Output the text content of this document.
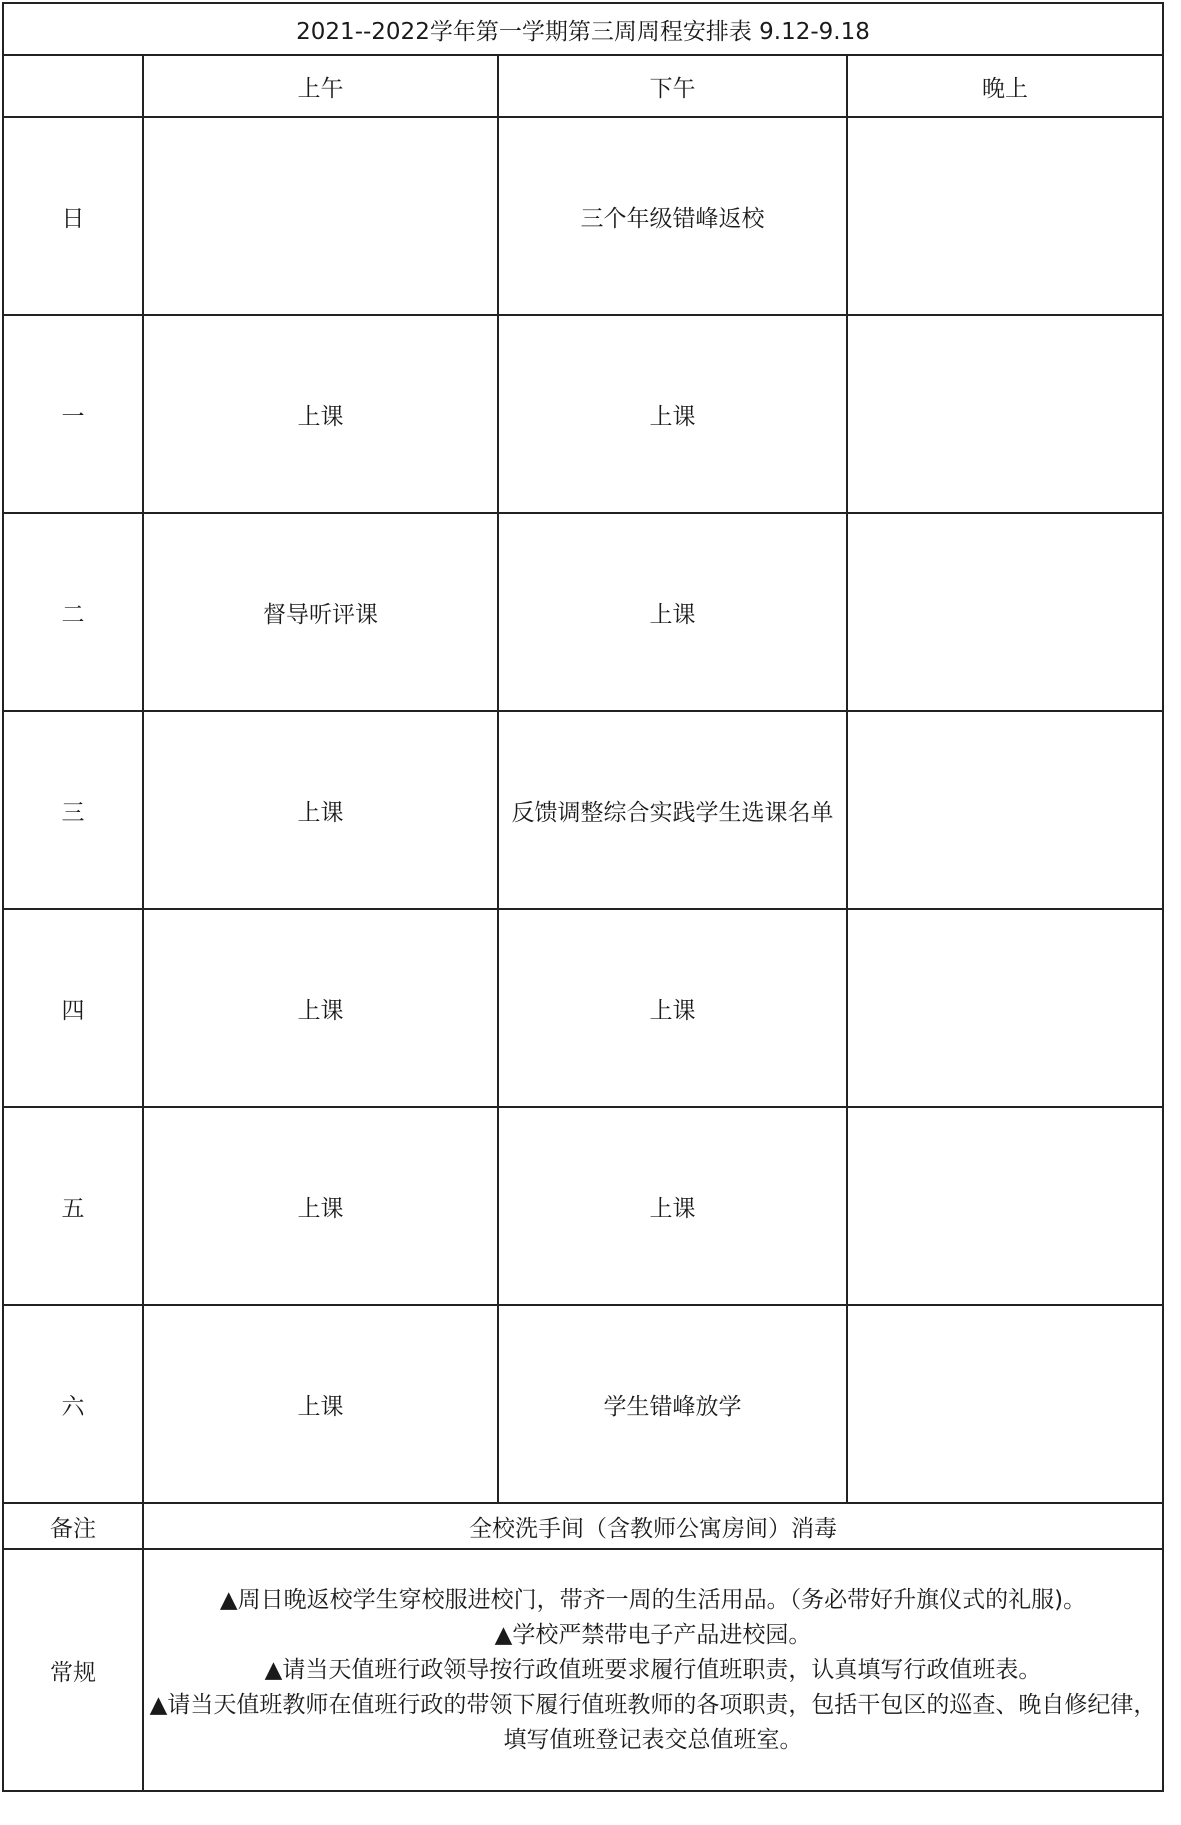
2021--2022学年第一学期第三周周程安排表 9.12-9.18			
	上午	下午	晚上
日		三个年级错峰返校	
一	上课	上课	
二	督导听评课	上课	
三	上课	反馈调整综合实践学生选课名单	
四	上课	上课	
五	上课	上课	
六	上课	学生错峰放学	
备注	全校洗手间（含教师公寓房间）消毒		
常规	▲周日晚返校学生穿校服进校门，带齐一周的生活用品。（务必带好升旗仪式的礼服)。
▲学校严禁带电子产品进校园。
▲请当天值班行政领导按行政值班要求履行值班职责，认真填写行政值班表。
▲请当天值班教师在值班行政的带领下履行值班教师的各项职责，包括干包区的巡查、晚自修纪律，填写值班登记表交总值班室。		
